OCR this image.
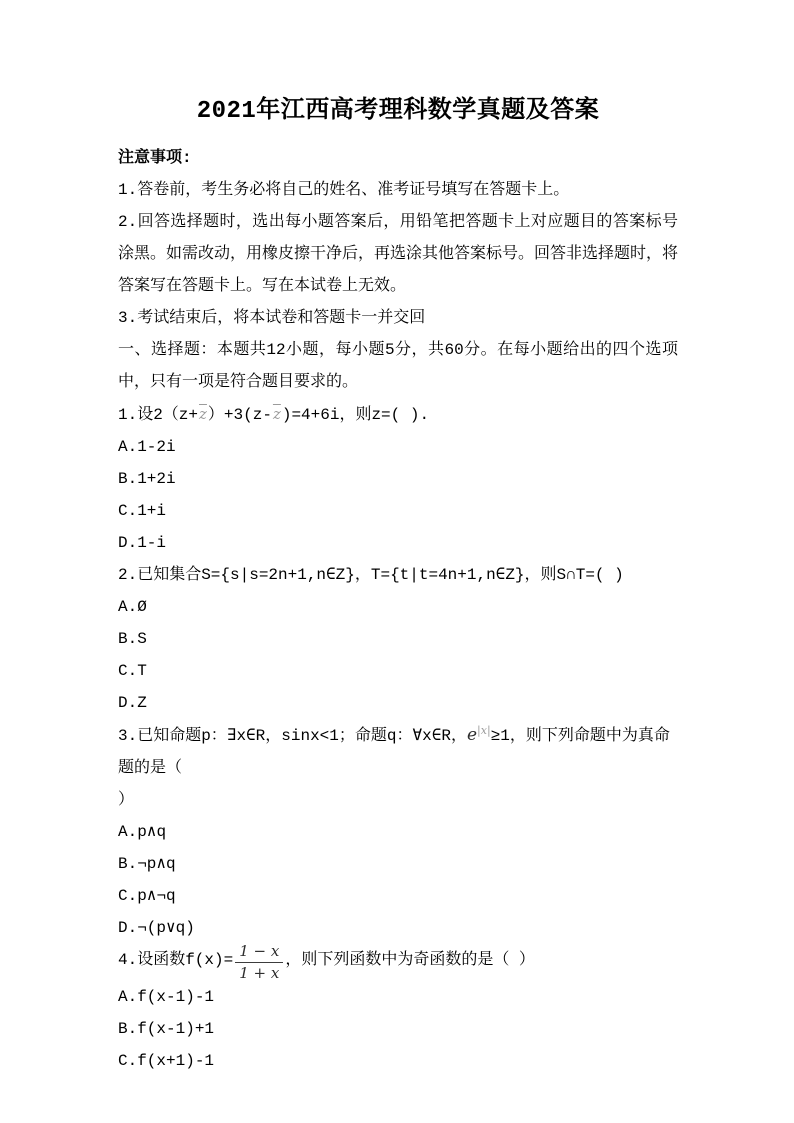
2021年江西高考理科数学真题及答案

注意事项:

1.答卷前，考生务必将自己的姓名、准考证号填写在答题卡上。

2.回答选择题时，选出每小题答案后，用铅笔把答题卡上对应题目的答案标号涂黑。如需改动，用橡皮擦干净后，再选涂其他答案标号。回答非选择题时，将答案写在答题卡上。写在本试卷上无效。

3.考试结束后，将本试卷和答题卡一并交回

一、选择题：本题共12小题，每小题5分，共60分。在每小题给出的四个选项中，只有一项是符合题目要求的。

1.设$2(z+\overline{z})+3(z-\overline{z})=4+6i$，则z=( ).

A.1-2i

B.1+2i

C.1+i

D.1-i

2.已知集合S={s|s=2n+1,n∈Z}，T={t|t=4n+1,n∈Z}，则S∩T=( )

A.Ø

B.S

C.T

D.Z

3.已知命题p：∃x∈R，sinx<1；命题q：∀x∈R，$e^{|x|}\ge 1$，则下列命题中为真命题的是（

）

A.p∧q

B.¬p∧q

C.p∧¬q

D.¬(p∨q)

4.设函数$f(x)= \frac{1 - x}{1 + x}$ ，则下列函数中为奇函数的是（ ）

A.f(x-1)-1

B.f(x-1)+1

C.f(x+1)-1
